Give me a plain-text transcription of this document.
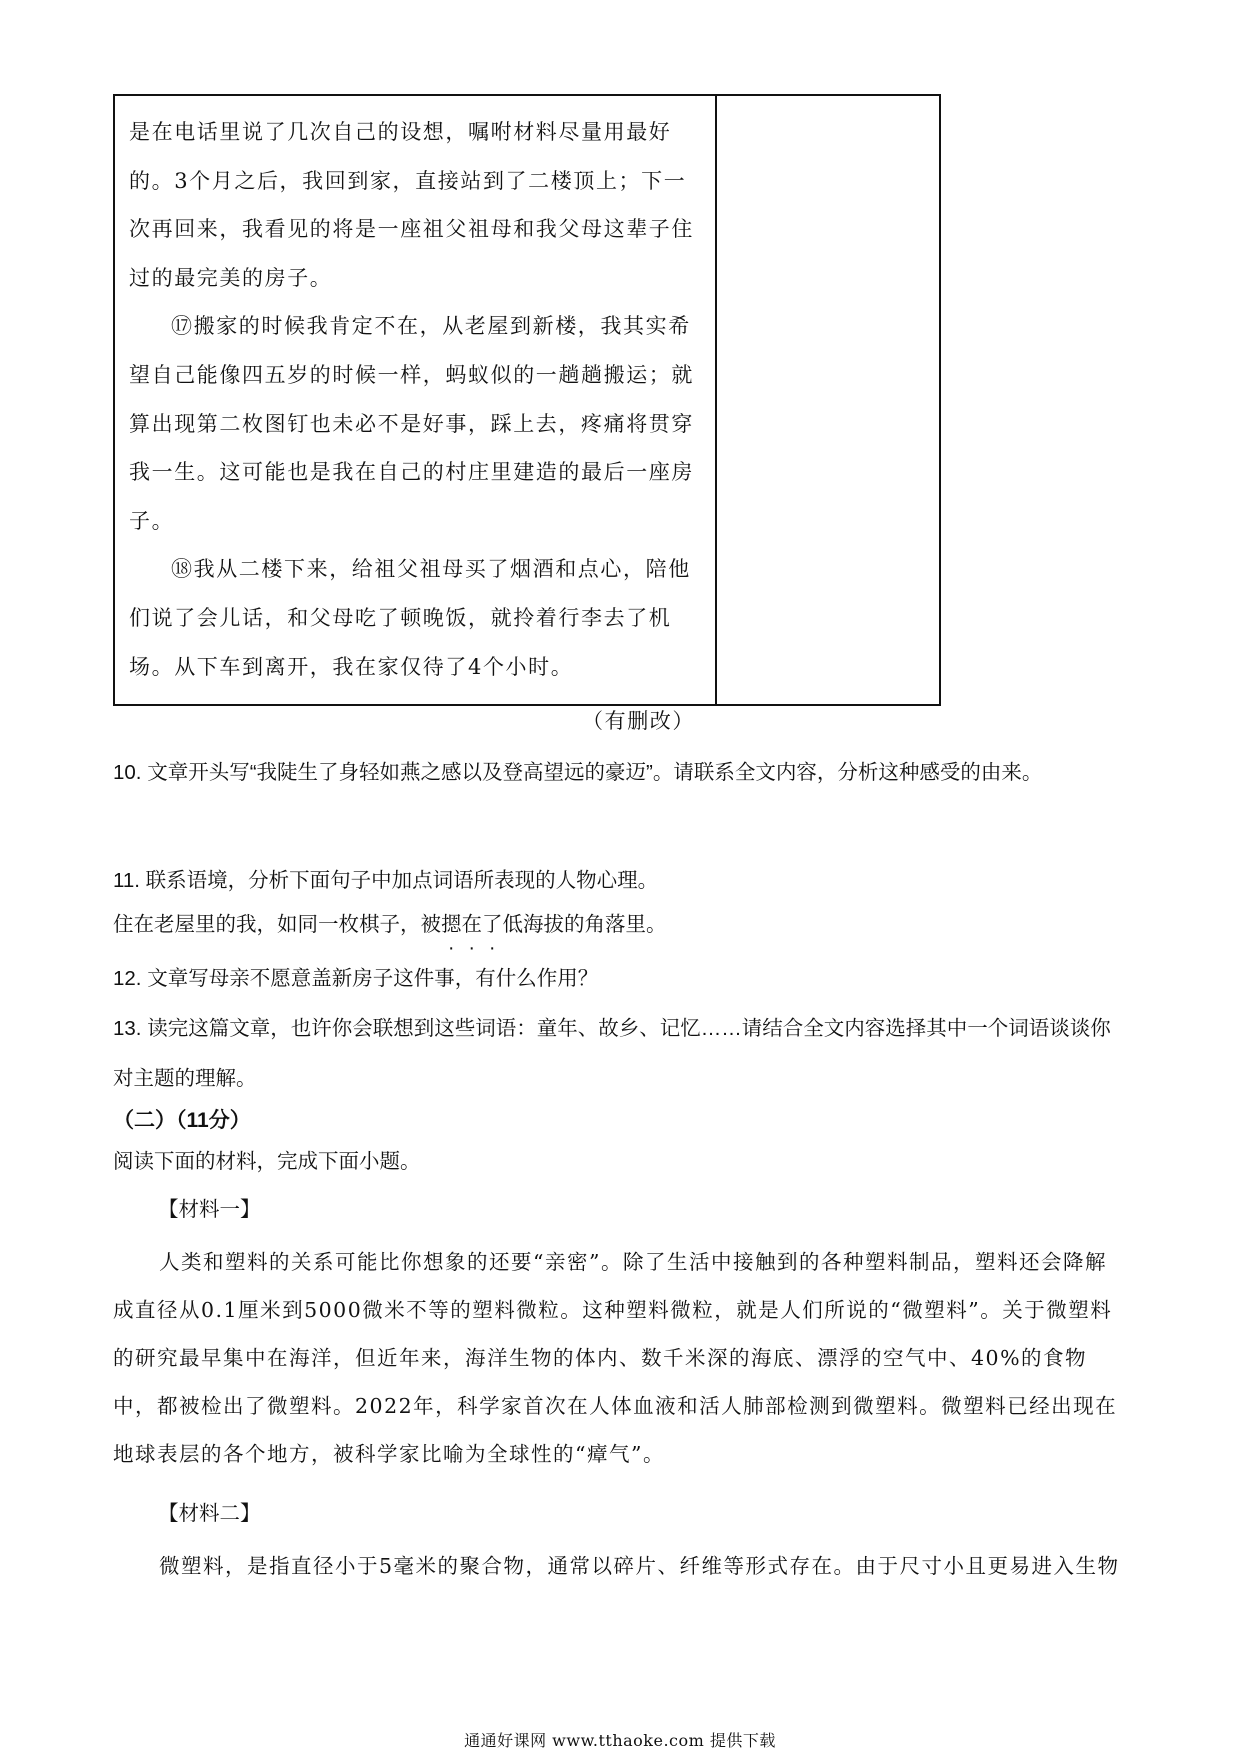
是在电话里说了几次自己的设想，嘱咐材料尽量用最好的。3个月之后，我回到家，直接站到了二楼顶上；下一次再回来，我看见的将是一座祖父祖母和我父母这辈子住过的最完美的房子。

⑰搬家的时候我肯定不在，从老屋到新楼，我其实希望自己能像四五岁的时候一样，蚂蚁似的一趟趟搬运；就算出现第二枚图钉也未必不是好事，踩上去，疼痛将贯穿我一生。这可能也是我在自己的村庄里建造的最后一座房子。

⑱我从二楼下来，给祖父祖母买了烟酒和点心，陪他们说了会儿话，和父母吃了顿晚饭，就拎着行李去了机场。从下车到离开，我在家仅待了4个小时。

（有删改）

10. 文章开头写“我陡生了身轻如燕之感以及登高望远的豪迈”。请联系全文内容，分析这种感受的由来。

11. 联系语境，分析下面句子中加点词语所表现的人物心理。

住在老屋里的我，如同一枚棋子，被摁在了低海拔的角落里。

12. 文章写母亲不愿意盖新房子这件事，有什么作用？

13. 读完这篇文章，也许你会联想到这些词语：童年、故乡、记忆……请结合全文内容选择其中一个词语谈谈你对主题的理解。

（二）（11分）
阅读下面的材料，完成下面小题。
【材料一】

人类和塑料的关系可能比你想象的还要“亲密”。除了生活中接触到的各种塑料制品，塑料还会降解成直径从0.1厘米到5000微米不等的塑料微粒。这种塑料微粒，就是人们所说的“微塑料”。关于微塑料的研究最早集中在海洋，但近年来，海洋生物的体内、数千米深的海底、漂浮的空气中、40%的食物中，都被检出了微塑料。2022年，科学家首次在人体血液和活人肺部检测到微塑料。微塑料已经出现在地球表层的各个地方，被科学家比喻为全球性的“瘴气”。

【材料二】

微塑料，是指直径小于5毫米的聚合物，通常以碎片、纤维等形式存在。由于尺寸小且更易进入生物

通通好课网 www.tthaoke.com 提供下载
